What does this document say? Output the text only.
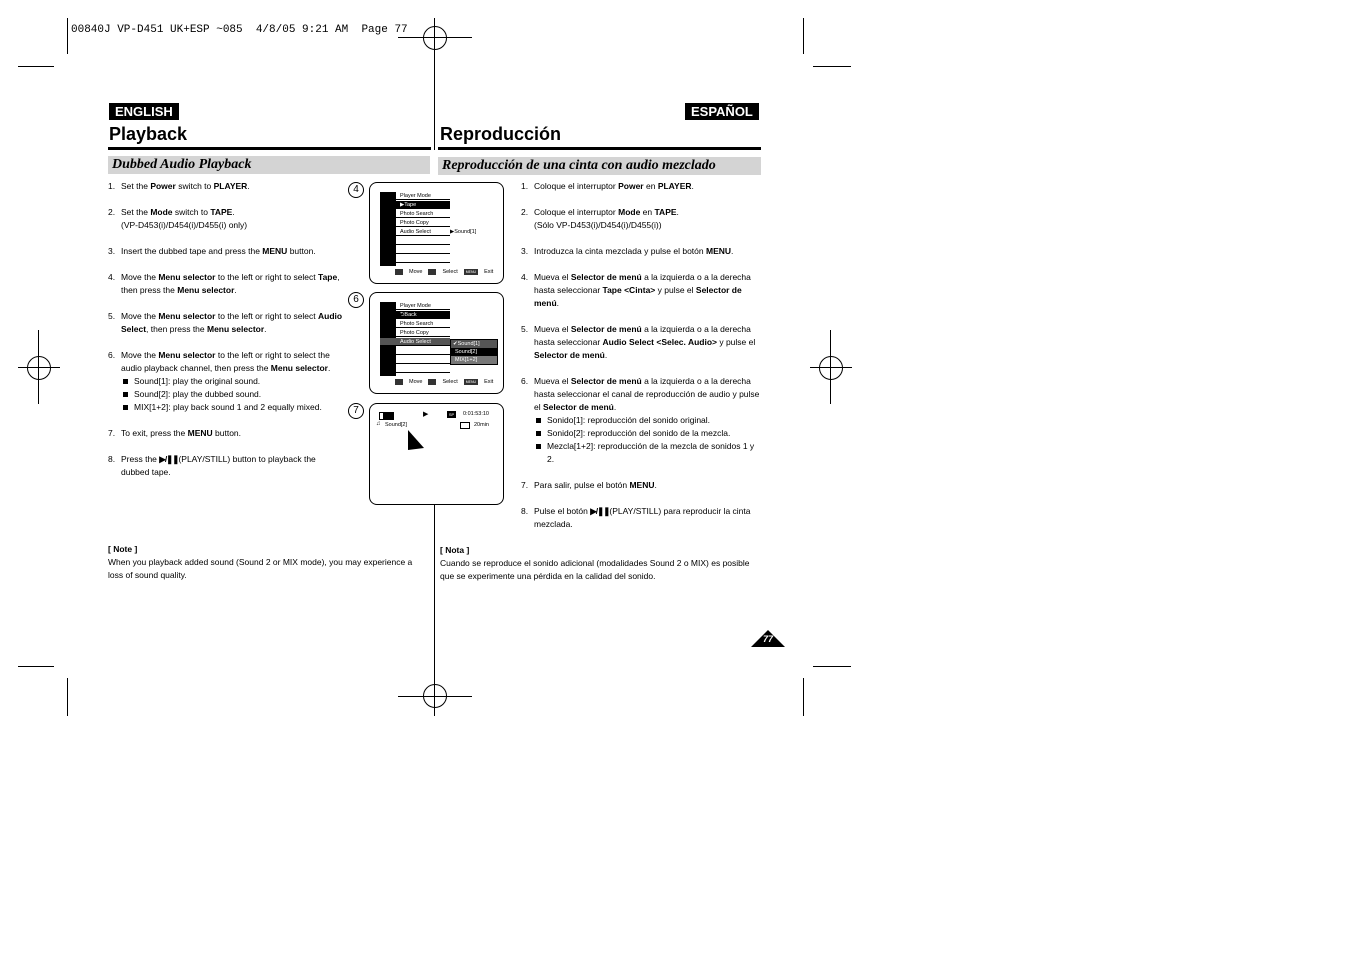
00840J VP-D451 UK+ESP ~085  4/8/05 9:21 AM  Page 77
ENGLISH
Playback
Dubbed Audio Playback
ESPAÑOL
Reproducción
Reproducción de una cinta con audio mezclado
1. Set the Power switch to PLAYER.
2. Set the Mode switch to TAPE.
(VP-D453(i)/D454(i)/D455(i) only)
3. Insert the dubbed tape and press the MENU button.
4. Move the Menu selector to the left or right to select Tape, then press the Menu selector.
5. Move the Menu selector to the left or right to select Audio Select, then press the Menu selector.
6. Move the Menu selector to the left or right to select the audio playback channel, then press the Menu selector.
Sound[1]: play the original sound.
Sound[2]: play the dubbed sound.
MIX[1+2]: play back sound 1 and 2 equally mixed.
7. To exit, press the MENU button.
8. Press the ▶/❚❚(PLAY/STILL) button to playback the dubbed tape.
1. Coloque el interruptor Power en PLAYER.
2. Coloque el interruptor Mode en TAPE.
(Sólo VP-D453(i)/D454(i)/D455(i))
3. Introduzca la cinta mezclada y pulse el botón MENU.
4. Mueva el Selector de menú a la izquierda o a la derecha hasta seleccionar Tape <Cinta> y pulse el Selector de menú.
5. Mueva el Selector de menú a la izquierda o a la derecha hasta seleccionar Audio Select <Selec. Audio> y pulse el Selector de menú.
6. Mueva el Selector de menú a la izquierda o a la derecha hasta seleccionar el canal de reproducción de audio y pulse el Selector de menú.
Sonido[1]: reproducción del sonido original.
Sonido[2]: reproducción del sonido de la mezcla.
Mezcla[1+2]: reproducción de la mezcla de sonidos 1 y 2.
7. Para salir, pulse el botón MENU.
8. Pulse el botón ▶/❚❚(PLAY/STILL) para reproducir la cinta mezclada.
4
Player Mode
▶Tape
Photo Search
Photo Copy
Audio Select	▶Sound[1]
Move	Select	MENU	Exit
6
Player Mode
⮌Back
Photo Search
Photo Copy
Audio Select	✔Sound[1]
Sound[2]
MIX[1+2]
Move	Select	MENU	Exit
7	▶	SP	0:01:53:10
♫ Sound[2]	20min
[ Note ]
When you playback added sound (Sound 2 or MIX mode), you may experience a loss of sound quality.
[ Nota ]
Cuando se reproduce el sonido adicional (modalidades Sound 2 o MIX) es posible que se experimente una pérdida en la calidad del sonido.
77
